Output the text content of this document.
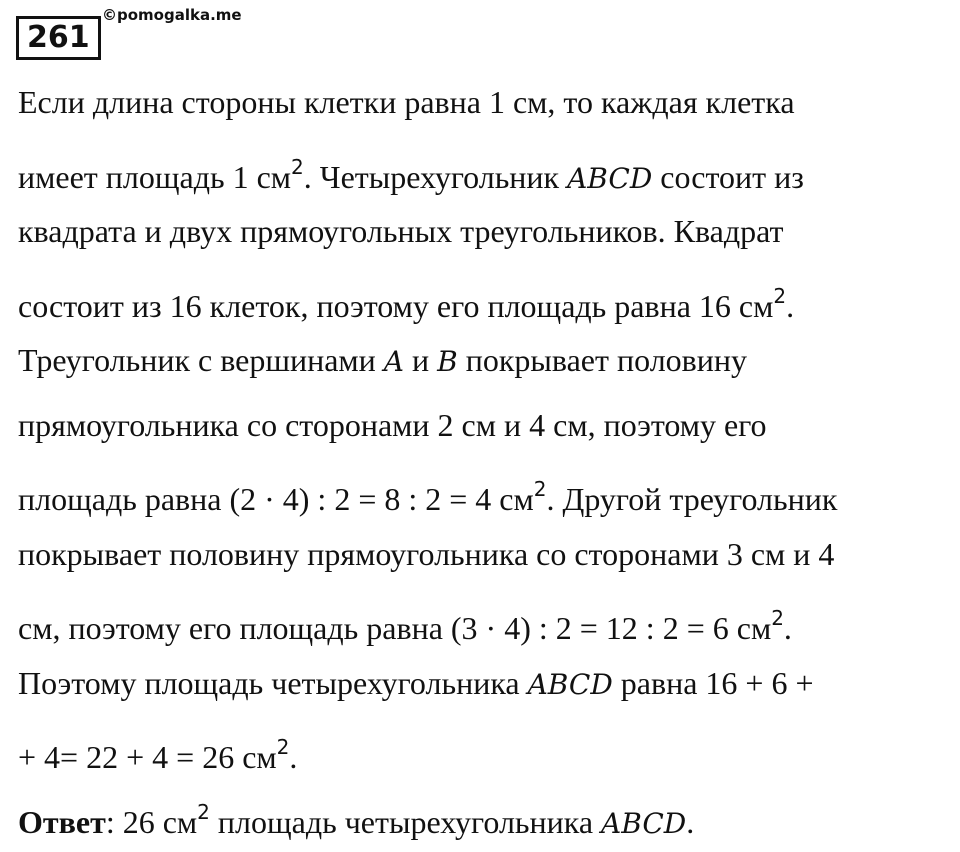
261
©pomogalka.me
Если длина стороны клетки равна 1 см, то каждая клетка
имеет площадь 1 $см^2$. Четырехугольник ABCD состоит из
квадрата и двух прямоугольных треугольников. Квадрат
состоит из 16 клеток, поэтому его площадь равна 16 $см^2$.
Треугольник с вершинами A и B покрывает половину
прямоугольника со сторонами 2 см и 4 см, поэтому его
площадь равна (2 · 4) : 2 = 8 : 2 = 4 $см^2$. Другой треугольник
покрывает половину прямоугольника со сторонами 3 см и 4
см, поэтому его площадь равна (3 · 4) : 2 = 12 : 2 = 6 $см^2$.
Поэтому площадь четырехугольника ABCD равна 16 + 6 +
+ 4= 22 + 4 = 26 $см^2$.
Ответ: 26 $см^2$ площадь четырехугольника ABCD.
